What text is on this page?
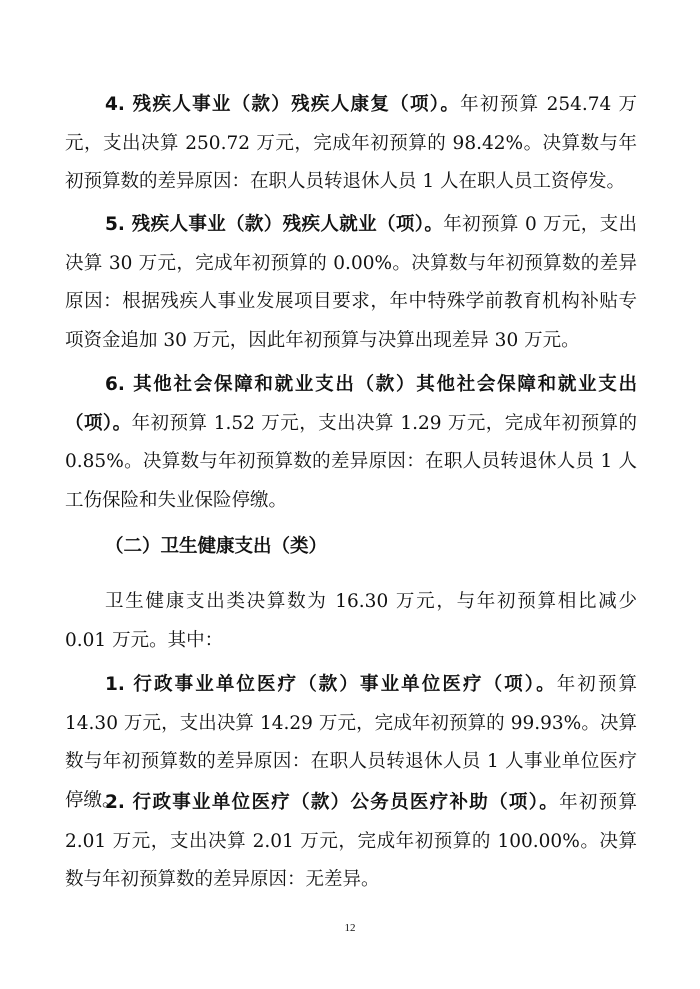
4. 残疾人事业（款）残疾人康复（项）。年初预算 254.74 万元，支出决算 250.72 万元，完成年初预算的 98.42%。决算数与年初预算数的差异原因：在职人员转退休人员 1 人在职人员工资停发。
5. 残疾人事业（款）残疾人就业（项）。年初预算 0 万元，支出决算 30 万元，完成年初预算的 0.00%。决算数与年初预算数的差异原因：根据残疾人事业发展项目要求，年中特殊学前教育机构补贴专项资金追加 30 万元，因此年初预算与决算出现差异 30 万元。
6. 其他社会保障和就业支出（款）其他社会保障和就业支出（项）。年初预算 1.52 万元，支出决算 1.29 万元，完成年初预算的 0.85%。决算数与年初预算数的差异原因：在职人员转退休人员 1 人工伤保险和失业保险停缴。
（二）卫生健康支出（类）
卫生健康支出类决算数为 16.30 万元，与年初预算相比减少 0.01 万元。其中：
1. 行政事业单位医疗（款）事业单位医疗（项）。年初预算 14.30 万元，支出决算 14.29 万元，完成年初预算的 99.93%。决算数与年初预算数的差异原因：在职人员转退休人员 1 人事业单位医疗停缴。
2. 行政事业单位医疗（款）公务员医疗补助（项）。年初预算 2.01 万元，支出决算 2.01 万元，完成年初预算的 100.00%。决算数与年初预算数的差异原因：无差异。
12
